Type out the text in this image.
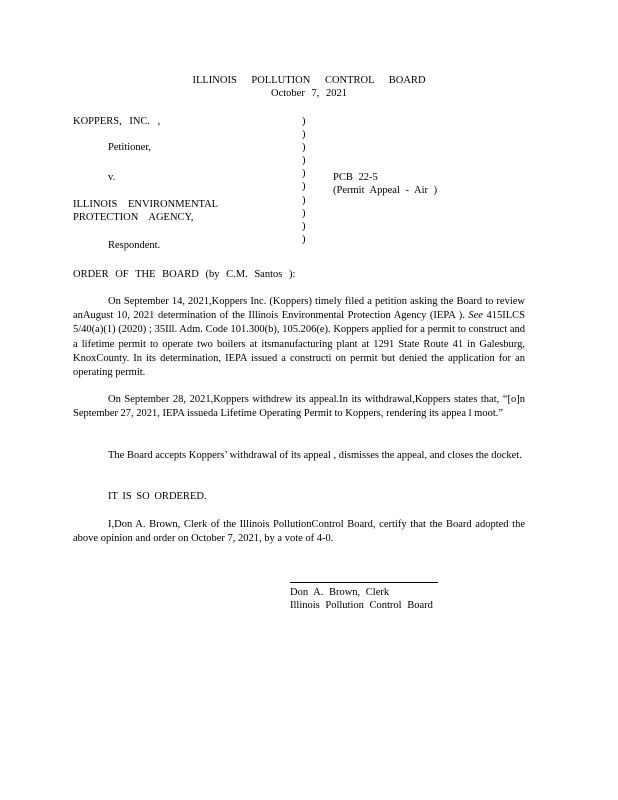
ILLINOIS POLLUTION CONTROL BOARD
October 7, 2021
KOPPERS, INC. ,
Petitioner,
v.
ILLINOIS ENVIRONMENTAL
PROTECTION AGENCY,
Respondent.
)
)
)
)
)
)
)
)
)
)
PCB 22-5
(Permit Appeal - Air )
ORDER OF THE BOARD (by C.M. Santos ):
On September 14, 2021,Koppers Inc. (Koppers) timely filed a petition asking the Board to review anAugust 10, 2021 determination of the Illinois Environmental Protection Agency (IEPA ). See 415ILCS 5/40(a)(1) (2020) ; 35Ill. Adm. Code 101.300(b), 105.206(e). Koppers applied for a permit to construct and a lifetime permit to operate two boilers at itsmanufacturing plant at 1291 State Route 41 in Galesburg, KnoxCounty. In its determination, IEPA issued a constructi on permit but denied the application for an operating permit.
On September 28, 2021,Koppers withdrew its appeal.In its withdrawal,Koppers states that, “[o]n September 27, 2021, IEPA issueda Lifetime Operating Permit to Koppers, rendering its appea l moot.”
The Board accepts Koppers’ withdrawal of its appeal , dismisses the appeal, and closes the docket.
IT IS SO ORDERED.
I,Don A. Brown, Clerk of the Illinois PollutionControl Board, certify that the Board adopted the above opinion and order on October 7, 2021, by a vote of 4-0.
Don A. Brown, Clerk
Illinois Pollution Control Board
